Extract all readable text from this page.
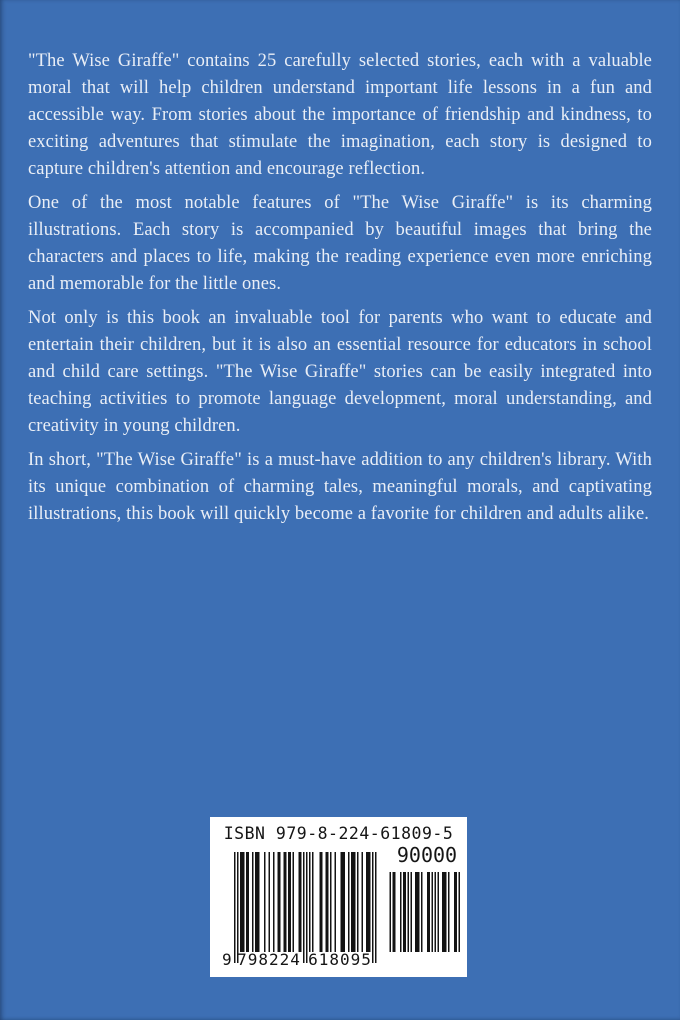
"The Wise Giraffe" contains 25 carefully selected stories, each with a valuable moral that will help children understand important life lessons in a fun and accessible way. From stories about the importance of friendship and kindness, to exciting adventures that stimulate the imagination, each story is designed to capture children's attention and encourage reflection.

One of the most notable features of "The Wise Giraffe" is its charming illustrations. Each story is accompanied by beautiful images that bring the characters and places to life, making the reading experience even more enriching and memorable for the little ones.

Not only is this book an invaluable tool for parents who want to educate and entertain their children, but it is also an essential resource for educators in school and child care settings. "The Wise Giraffe" stories can be easily integrated into teaching activities to promote language development, moral understanding, and creativity in young children.

In short, "The Wise Giraffe" is a must-have addition to any children's library. With its unique combination of charming tales, meaningful morals, and captivating illustrations, this book will quickly become a favorite for children and adults alike.

ISBN 979-8-224-61809-5
9 798224 618095
90000
